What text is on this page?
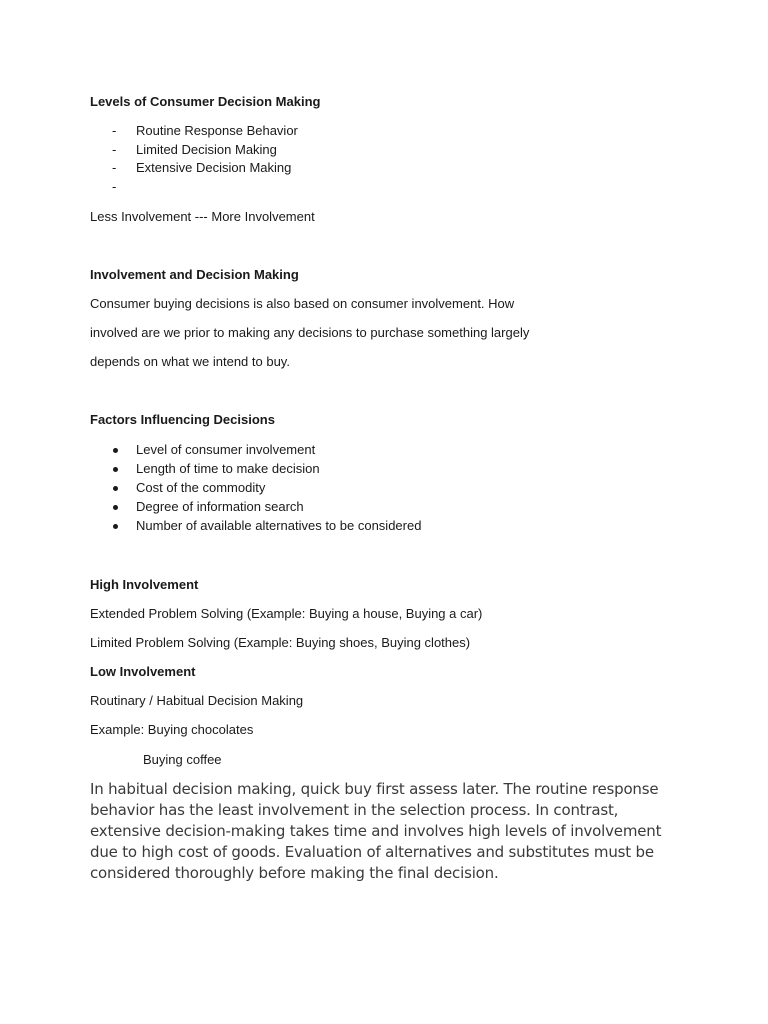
Levels of Consumer Decision Making
- Routine Response Behavior
- Limited Decision Making
- Extensive Decision Making
-
Less Involvement --- More Involvement
Involvement and Decision Making
Consumer buying decisions is also based on consumer involvement. How
involved are we prior to making any decisions to purchase something largely
depends on what we intend to buy.
Factors Influencing Decisions
Level of consumer involvement
Length of time to make decision
Cost of the commodity
Degree of information search
Number of available alternatives to be considered
High Involvement
Extended Problem Solving (Example: Buying a house, Buying a car)
Limited Problem Solving (Example: Buying shoes, Buying clothes)
Low Involvement
Routinary / Habitual Decision Making
Example: Buying chocolates
Buying coffee
In habitual decision making, quick buy first assess later. The routine response behavior has the least involvement in the selection process. In contrast, extensive decision-making takes time and involves high levels of involvement due to high cost of goods. Evaluation of alternatives and substitutes must be considered thoroughly before making the final decision.
